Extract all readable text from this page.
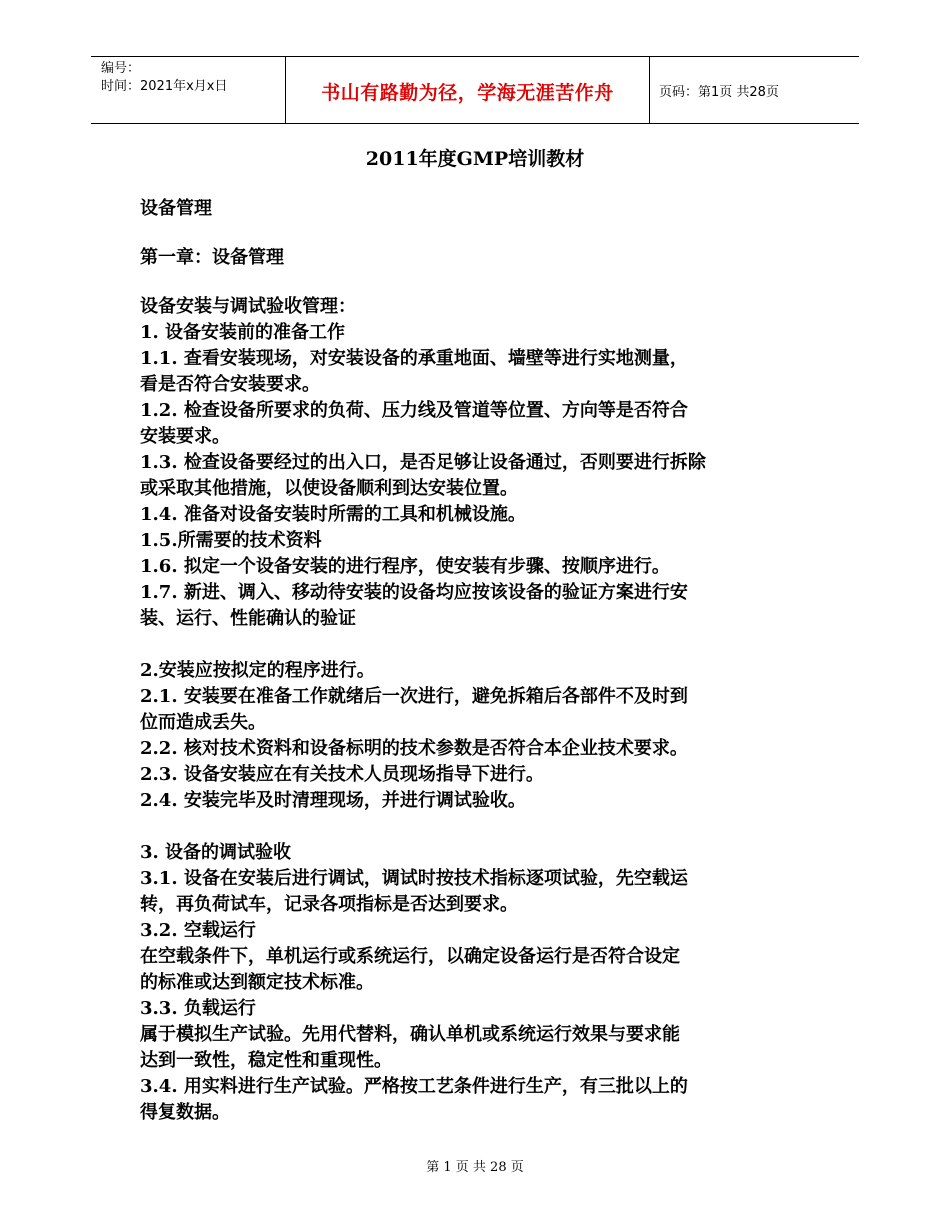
编号：
时间：2021年x月x日	书山有路勤为径，学海无涯苦作舟	页码：第1页 共28页
2011年度GMP培训教材
设备管理
第一章：设备管理

设备安装与调试验收管理：

1. 设备安装前的准备工作

1.1. 查看安装现场，对安装设备的承重地面、墙壁等进行实地测量，

看是否符合安装要求。

1.2. 检查设备所要求的负荷、压力线及管道等位置、方向等是否符合

安装要求。

1.3. 检查设备要经过的出入口，是否足够让设备通过，否则要进行拆除

或采取其他措施，以使设备顺利到达安装位置。

1.4. 准备对设备安装时所需的工具和机械设施。

1.5.所需要的技术资料

1.6. 拟定一个设备安装的进行程序，使安装有步骤、按顺序进行。

1.7. 新进、调入、移动待安装的设备均应按该设备的验证方案进行安

装、运行、性能确认的验证

2.安装应按拟定的程序进行。

2.1. 安装要在准备工作就绪后一次进行，避免拆箱后各部件不及时到

位而造成丢失。

2.2. 核对技术资料和设备标明的技术参数是否符合本企业技术要求。

2.3. 设备安装应在有关技术人员现场指导下进行。

2.4. 安装完毕及时清理现场，并进行调试验收。

3. 设备的调试验收

3.1. 设备在安装后进行调试，调试时按技术指标逐项试验，先空载运

转，再负荷试车，记录各项指标是否达到要求。

3.2. 空载运行

在空载条件下，单机运行或系统运行，以确定设备运行是否符合设定

的标准或达到额定技术标准。

3.3. 负载运行

属于模拟生产试验。先用代替料，确认单机或系统运行效果与要求能

达到一致性，稳定性和重现性。

3.4. 用实料进行生产试验。严格按工艺条件进行生产，有三批以上的

得复数据。

第 1 页 共 28 页
